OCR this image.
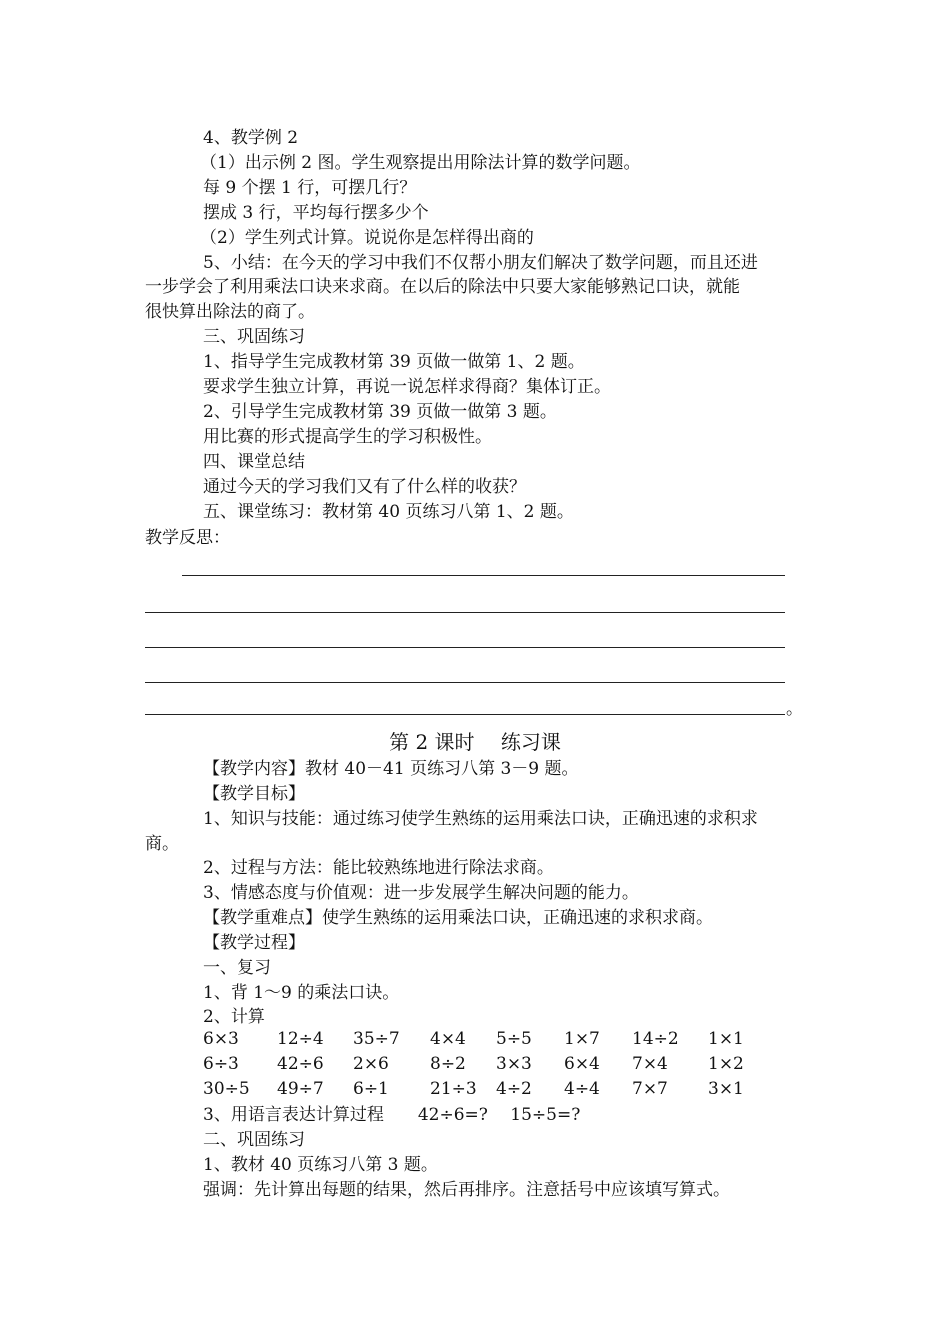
4、教学例 2
（1）出示例 2 图。学生观察提出用除法计算的数学问题。
每 9 个摆 1 行，可摆几行？
摆成 3 行，平均每行摆多少个
（2）学生列式计算。说说你是怎样得出商的
5、小结：在今天的学习中我们不仅帮小朋友们解决了数学问题，而且还进
一步学会了利用乘法口诀来求商。在以后的除法中只要大家能够熟记口诀，就能
很快算出除法的商了。
三、巩固练习
1、指导学生完成教材第 39 页做一做第 1、2 题。
要求学生独立计算，再说一说怎样求得商？集体订正。
2、引导学生完成教材第 39 页做一做第 3 题。
用比赛的形式提高学生的学习积极性。
四、课堂总结
通过今天的学习我们又有了什么样的收获？
五、课堂练习：教材第 40 页练习八第 1、2 题。
教学反思：
。
第 2 课时 练习课
【教学内容】教材 40－41 页练习八第 3－9 题。
【教学目标】
1、知识与技能：通过练习使学生熟练的运用乘法口诀，正确迅速的求积求
商。
2、过程与方法：能比较熟练地进行除法求商。
3、情感态度与价值观：进一步发展学生解决问题的能力。
【教学重难点】使学生熟练的运用乘法口诀，正确迅速的求积求商。
【教学过程】
一、复习
1、背 1～9 的乘法口诀。
2、计算
6×3	12÷4	35÷7	4×4	5÷5	1×7	14÷2	1×1
6÷3	42÷6	2×6	8÷2	3×3	6×4	7×4	1×2
30÷5	49÷7	6÷1	21÷3	4÷2	4÷4	7×7	3×1
3、用语言表达计算过程　　42÷6=?　 15÷5=?
二、巩固练习
1、教材 40 页练习八第 3 题。
强调：先计算出每题的结果，然后再排序。注意括号中应该填写算式。
